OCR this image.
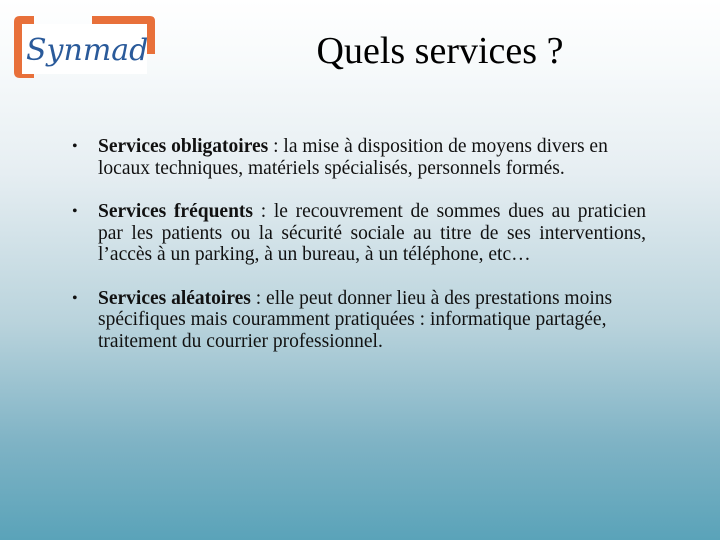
Synmad	Quels services ?
• Services obligatoires : la mise à disposition de moyens divers en locaux techniques, matériels spécialisés, personnels formés.
• Services fréquents : le recouvrement de sommes dues au praticien par les patients ou la sécurité sociale au titre de ses interventions, l’accès à un parking, à un bureau, à un téléphone, etc…
• Services aléatoires : elle peut donner lieu à des prestations moins spécifiques mais couramment pratiquées : informatique partagée, traitement du courrier professionnel.
